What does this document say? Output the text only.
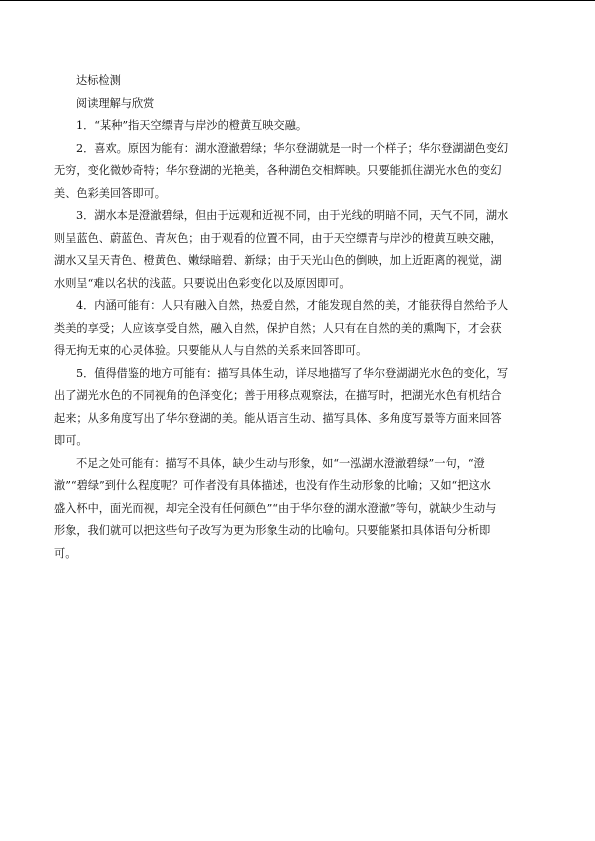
达标检测
阅读理解与欣赏
1．“某种”指天空缥青与岸沙的橙黄互映交融。
2．喜欢。原因为能有：湖水澄澈碧绿；华尔登湖就是一时一个样子；华尔登湖湖色变幻
无穷，变化微妙奇特；华尔登湖的光艳美，各种湖色交相辉映。只要能抓住湖光水色的变幻
美、色彩美回答即可。
3．湖水本是澄澈碧绿，但由于远观和近视不同，由于光线的明暗不同，天气不同，湖水
则呈蓝色、蔚蓝色、青灰色；由于观看的位置不同，由于天空缥青与岸沙的橙黄互映交融，
湖水又呈天青色、橙黄色、嫩绿暗碧、新绿；由于天光山色的倒映，加上近距离的视觉，湖
水则呈“难以名状的浅蓝。只要说出色彩变化以及原因即可。
4．内涵可能有：人只有融入自然，热爱自然，才能发现自然的美，才能获得自然给予人
类美的享受；人应该享受自然，融入自然，保护自然；人只有在自然的美的熏陶下，才会获
得无拘无束的心灵体验。只要能从人与自然的关系来回答即可。
5．值得借鉴的地方可能有：描写具体生动，详尽地描写了华尔登湖湖光水色的变化，写
出了湖光水色的不同视角的色泽变化；善于用移点观察法，在描写时，把湖光水色有机结合
起来；从多角度写出了华尔登湖的美。能从语言生动、描写具体、多角度写景等方面来回答
即可。
不足之处可能有：描写不具体，缺少生动与形象，如“一泓湖水澄澈碧绿”一句，“澄
澈”“碧绿”到什么程度呢？可作者没有具体描述，也没有作生动形象的比喻；又如“把这水
盛入杯中，面光而视，却完全没有任何颜色”“由于华尔登的湖水澄澈”等句，就缺少生动与
形象，我们就可以把这些句子改写为更为形象生动的比喻句。只要能紧扣具体语句分析即
可。
